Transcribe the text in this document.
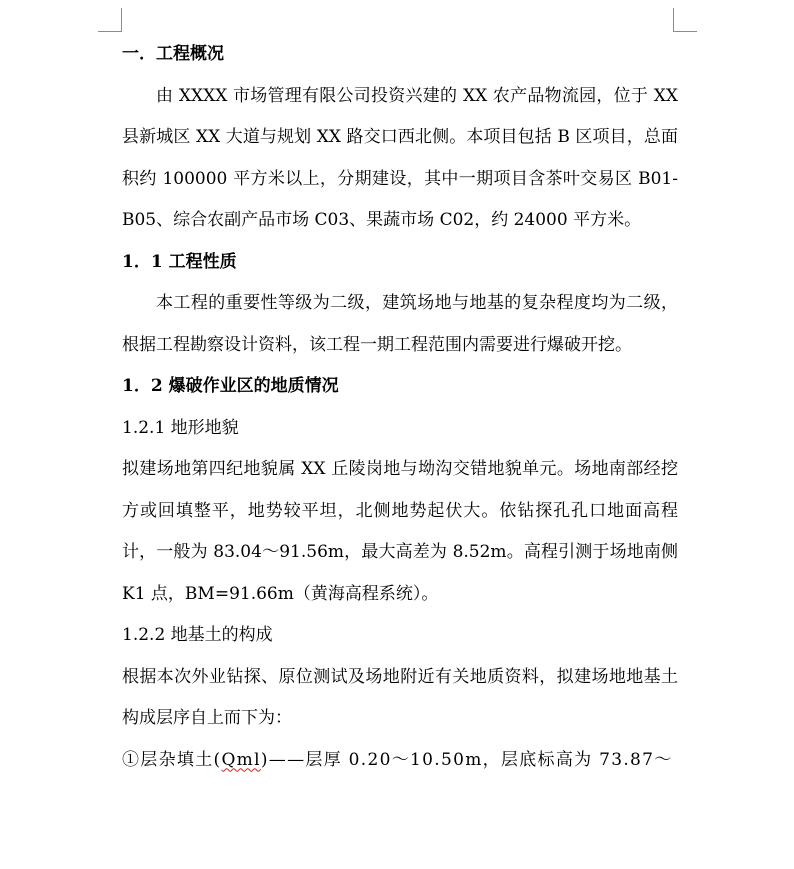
一．工程概况

由 XXXX 市场管理有限公司投资兴建的 XX 农产品物流园，位于 XX 县新城区 XX 大道与规划 XX 路交口西北侧。本项目包括 B 区项目，总面积约 100000 平方米以上，分期建设，其中一期项目含茶叶交易区 B01-B05、综合农副产品市场 C03、果蔬市场 C02，约 24000 平方米。

1．1 工程性质

本工程的重要性等级为二级，建筑场地与地基的复杂程度均为二级，根据工程勘察设计资料，该工程一期工程范围内需要进行爆破开挖。

1．2 爆破作业区的地质情况

1.2.1 地形地貌

拟建场地第四纪地貌属 XX 丘陵岗地与坳沟交错地貌单元。场地南部经挖方或回填整平，地势较平坦，北侧地势起伏大。依钻探孔孔口地面高程计，一般为 83.04～91.56m，最大高差为 8.52m。高程引测于场地南侧 K1 点，BM=91.66m（黄海高程系统）。

1.2.2 地基土的构成

根据本次外业钻探、原位测试及场地附近有关地质资料，拟建场地地基土构成层序自上而下为：

①层杂填土(Qml)——层厚 0.20～10.50m，层底标高为 73.87～
